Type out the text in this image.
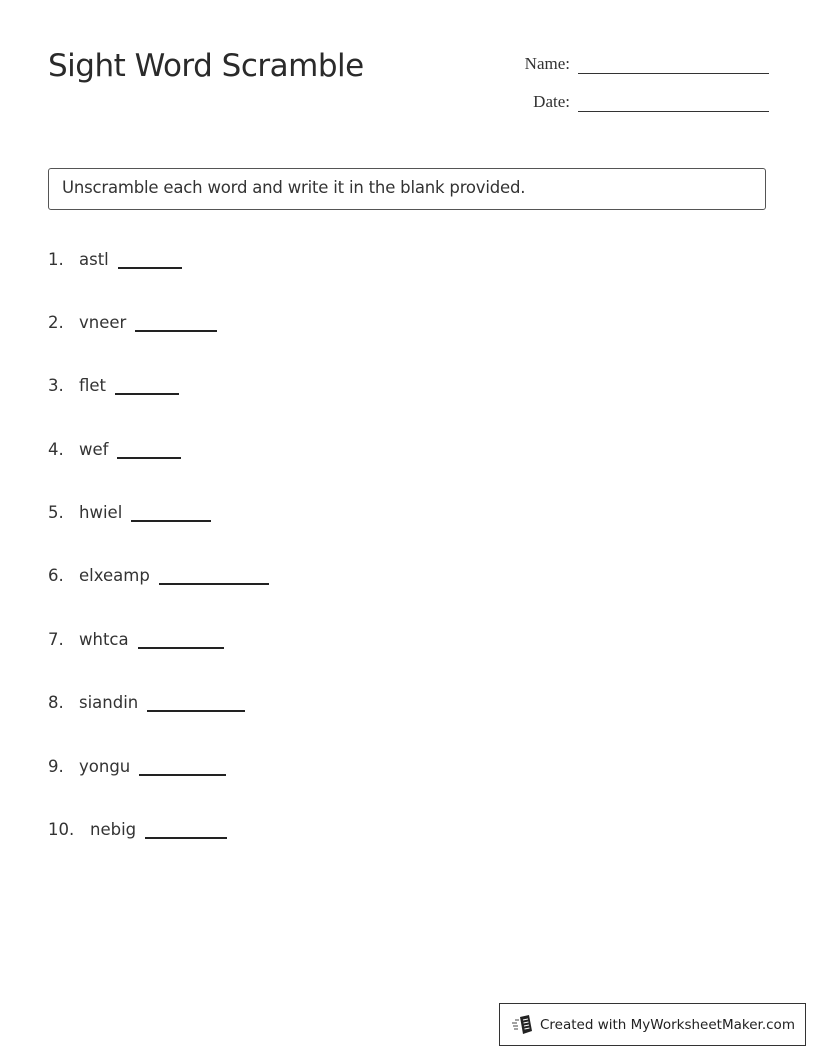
Sight Word Scramble	Name:
Date:
Unscramble each word and write it in the blank provided.
1. astl
2. vneer
3. flet
4. wef
5. hwiel
6. elxeamp
7. whtca
8. siandin
9. yongu
10. nebig
Created with MyWorksheetMaker.com
